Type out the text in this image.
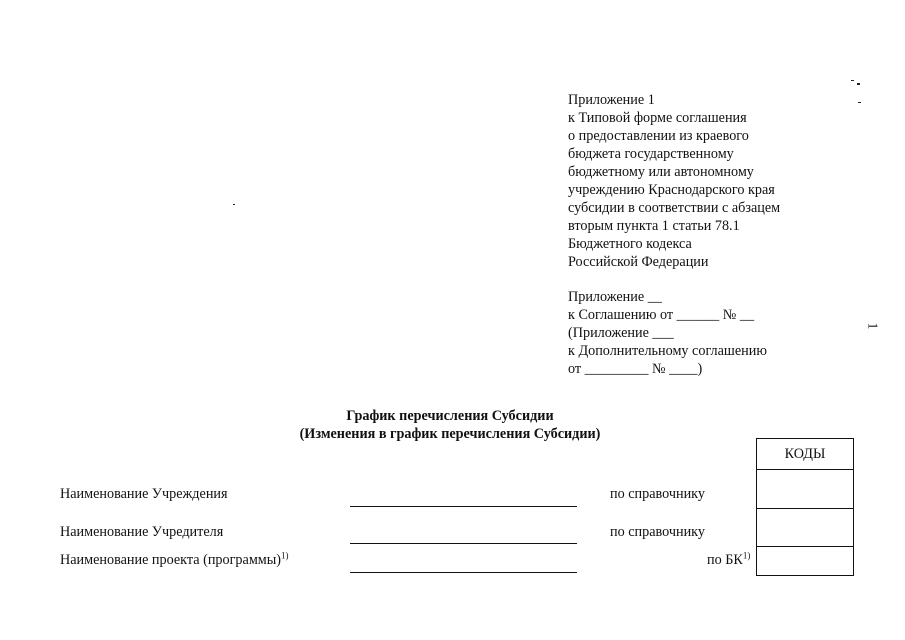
Приложение 1
к Типовой форме соглашения
о предоставлении из краевого
бюджета государственному
бюджетному или автономному
учреждению Краснодарского края
субсидии в соответствии с абзацем
вторым пункта 1 статьи 78.1
Бюджетного кодекса
Российской Федерации
Приложение __
к Соглашению от ______ № __
(Приложение ___
к Дополнительному соглашению
от _________ № ____)
1
График перечисления Субсидии
(Изменения в график перечисления Субсидии)
Наименование Учреждения
Наименование Учредителя
Наименование проекта (программы)$^{1)}$
по справочнику
по справочнику
по БК$^{1)}$
КОДЫ
